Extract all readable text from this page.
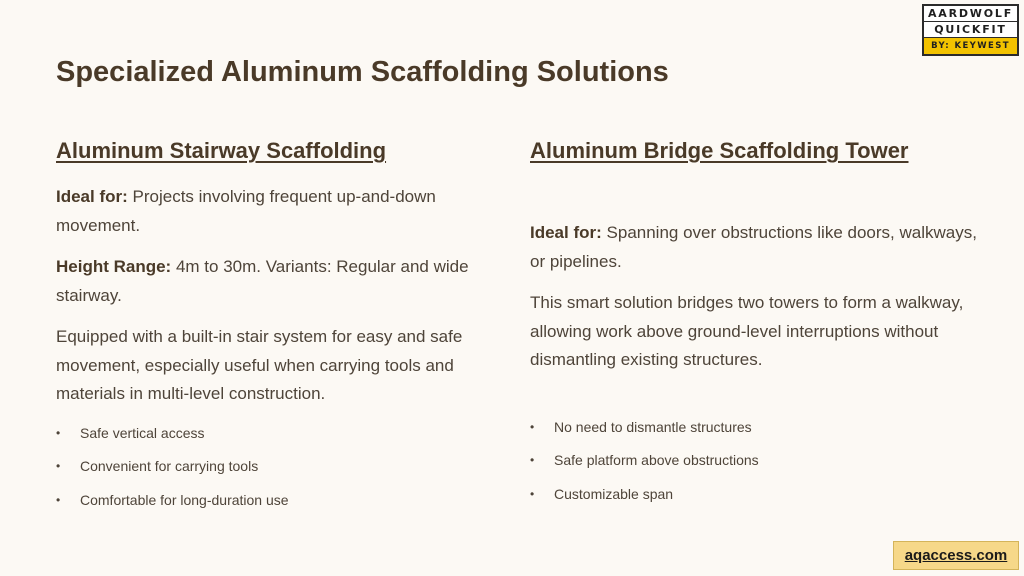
AARDWOLF
QUICKFIT
BY: KEYWEST
Specialized Aluminum Scaffolding Solutions
Aluminum Stairway Scaffolding

Ideal for: Projects involving frequent up-and-down movement.

Height Range: 4m to 30m. Variants: Regular and wide stairway.

Equipped with a built-in stair system for easy and safe movement, especially useful when carrying tools and materials in multi-level construction.

• Safe vertical access
• Convenient for carrying tools
• Comfortable for long-duration use
Aluminum Bridge Scaffolding Tower

Ideal for: Spanning over obstructions like doors, walkways, or pipelines.

This smart solution bridges two towers to form a walkway, allowing work above ground-level interruptions without dismantling existing structures.

• No need to dismantle structures
• Safe platform above obstructions
• Customizable span
aqaccess.com
